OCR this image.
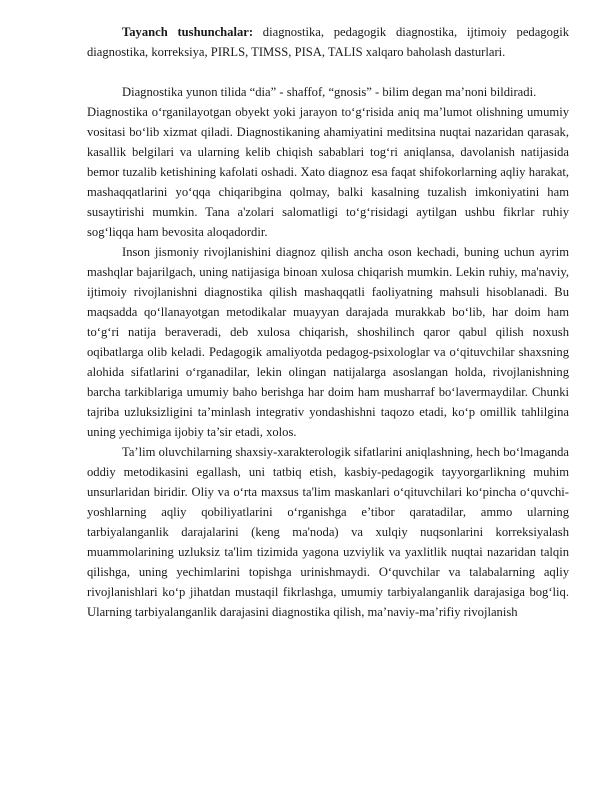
Tayanch tushunchalar: diagnostika, pedagogik diagnostika, ijtimoiy pedagogik diagnostika, korreksiya, PIRLS, TIMSS, PISA, TALIS xalqaro baholash dasturlari.

Diagnostika yunon tilida “dia” - shaffof, “gnosis” - bilim degan ma’noni bildiradi.

Diagnostika o‘rganilayotgan obyekt yoki jarayon to‘g‘risida aniq ma’lumot olishning umumiy vositasi bo‘lib xizmat qiladi. Diagnostikaning ahamiyatini meditsina nuqtai nazaridan qarasak, kasallik belgilari va ularning kelib chiqish sabablari tog‘ri aniqlansa, davolanish natijasida bemor tuzalib ketishining kafolati oshadi. Xato diagnoz esa faqat shifokorlarning aqliy harakat, mashaqqatlarini yo‘qqa chiqaribgina qolmay, balki kasalning tuzalish imkoniyatini ham susaytirishi mumkin. Tana a'zolari salomatligi to‘g‘risidagi aytilgan ushbu fikrlar ruhiy sog‘liqqa ham bevosita aloqadordir.

Inson jismoniy rivojlanishini diagnoz qilish ancha oson kechadi, buning uchun ayrim mashqlar bajarilgach, uning natijasiga binoan xulosa chiqarish mumkin. Lekin ruhiy, ma'naviy, ijtimoiy rivojlanishni diagnostika qilish mashaqqatli faoliyatning mahsuli hisoblanadi. Bu maqsadda qo‘llanayotgan metodikalar muayyan darajada murakkab bo‘lib, har doim ham to‘g‘ri natija beraveradi, deb xulosa chiqarish, shoshilinch qaror qabul qilish noxush oqibatlarga olib keladi. Pedagogik amaliyotda pedagog-psixologlar va o‘qituvchilar shaxsning alohida sifatlarini o‘rganadilar, lekin olingan natijalarga asoslangan holda, rivojlanishning barcha tarkiblariga umumiy baho berishga har doim ham musharraf bo‘lavermaydilar. Chunki tajriba uzluksizligini ta’minlash integrativ yondashishni taqozo etadi, ko‘p omillik tahlilgina uning yechimiga ijobiy ta’sir etadi, xolos.

Ta’lim oluvchilarning shaxsiy-xarakterologik sifatlarini aniqlashning, hech bo‘lmaganda oddiy metodikasini egallash, uni tatbiq etish, kasbiy-pedagogik tayyorgarlikning muhim unsurlaridan biridir. Oliy va o‘rta maxsus ta'lim maskanlari o‘qituvchilari ko‘pincha o‘quvchi-yoshlarning aqliy qobiliyatlarini o‘rganishga e’tibor qaratadilar, ammo ularning tarbiyalanganlik darajalarini (keng ma'noda) va xulqiy nuqsonlarini korreksiyalash muammolarining uzluksiz ta'lim tizimida yagona uzviylik va yaxlitlik nuqtai nazaridan talqin qilishga, uning yechimlarini topishga urinishmaydi. O‘quvchilar va talabalarning aqliy rivojlanishlari ko‘p jihatdan mustaqil fikrlashga, umumiy tarbiyalanganlik darajasiga bog‘liq. Ularning tarbiyalanganlik darajasini diagnostika qilish, ma’naviy-ma’rifiy rivojlanish
